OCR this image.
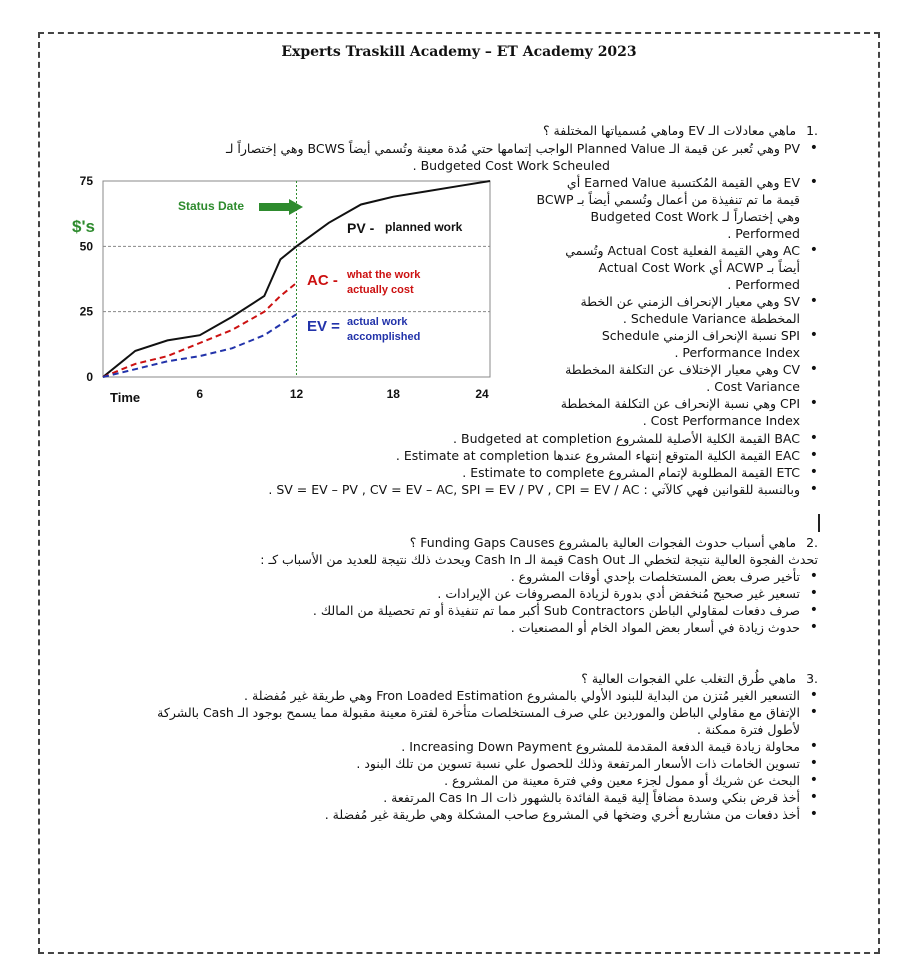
Experts Traskill Academy – ET Academy 2023
0
25
50
75
6	12	18	24
$'s
Time
Status Date
PV - planned work
AC - what the work
actually cost
EV = actual work
accomplished
.1 ماهي معادلات الـ EV وماهي مُسمياتها المختلفة ؟
• PV وهي تُعبر عن قيمة الـ Planned Value الواجب إتمامها حتي مُدة معينة وتُسمي أيضاً BCWS وهي إختصاراً لـ
Budgeted Cost Work Scheuled .
• EV وهي القيمة المُكتسبة Earned Value أي
قيمة ما تم تنفيذة من أعمال وتُسمي أيضاً بـ BCWP
وهي إختصاراً لـ Budgeted Cost Work
Performed .
• AC وهي القيمة الفعلية Actual Cost وتُسمي
أيضاً بـ ACWP أي Actual Cost Work
Performed .
• SV وهي معيار الإنحراف الزمني عن الخطة
المخططة Schedule Variance .
• SPI نسبة الإنحراف الزمني Schedule
Performance Index .
• CV وهي معيار الإختلاف عن التكلفة المخططة
Cost Variance .
• CPI وهي نسبة الإنحراف عن التكلفة المخططة
Cost Performance Index .
• BAC القيمة الكلية الأصلية للمشروع Budgeted at completion .
• EAC القيمة الكلية المتوقع إنتهاء المشروع عندها Estimate at completion .
• ETC القيمة المطلوبة لإتمام المشروع Estimate to complete .
• وبالنسبة للقوانين فهي كالآتي : SV = EV – PV , CV = EV – AC, SPI = EV / PV , CPI = EV / AC .
.2 ماهي أسباب حدوث الفجوات العالية بالمشروع Funding Gaps Causes ؟
تحدث الفجوة العالية نتيجة لتخطي الـ Cash Out قيمة الـ Cash In ويحدث ذلك نتيجة للعديد من الأسباب كـ :
• تأخير صرف بعض المستخلصات بإحدي أوقات المشروع .
• تسعير غير صحيح مُنخفض أدي بدورة لزيادة المصروفات عن الإيرادات .
• صرف دفعات لمقاولي الباطن Sub Contractors أكبر مما تم تنفيذة أو تم تحصيلة من المالك .
• حدوث زيادة في أسعار بعض المواد الخام أو المصنعيات .
.3 ماهي طُرق التغلب علي الفجوات العالية ؟
• التسعير الغير مُتزن من البداية للبنود الأولي بالمشروع Fron Loaded Estimation وهي طريقة غير مُفضلة .
• الإتفاق مع مقاولي الباطن والموردين علي صرف المستخلصات متأخرة لفترة معينة مقبولة مما يسمح بوجود الـ Cash بالشركة
لأطول فترة ممكنة .
• محاولة زيادة قيمة الدفعة المقدمة للمشروع Increasing Down Payment .
• تسوين الخامات ذات الأسعار المرتفعة وذلك للحصول علي نسبة تسوين من تلك البنود .
• البحث عن شريك أو ممول لجزء معين وفي فترة معينة من المشروع .
• أخذ قرض بنكي وسدة مضافاً إلية قيمة الفائدة بالشهور ذات الـ Cas In المرتفعة .
• أخذ دفعات من مشاريع أخري وضخها في المشروع صاحب المشكلة وهي طريقة غير مُفضلة .
